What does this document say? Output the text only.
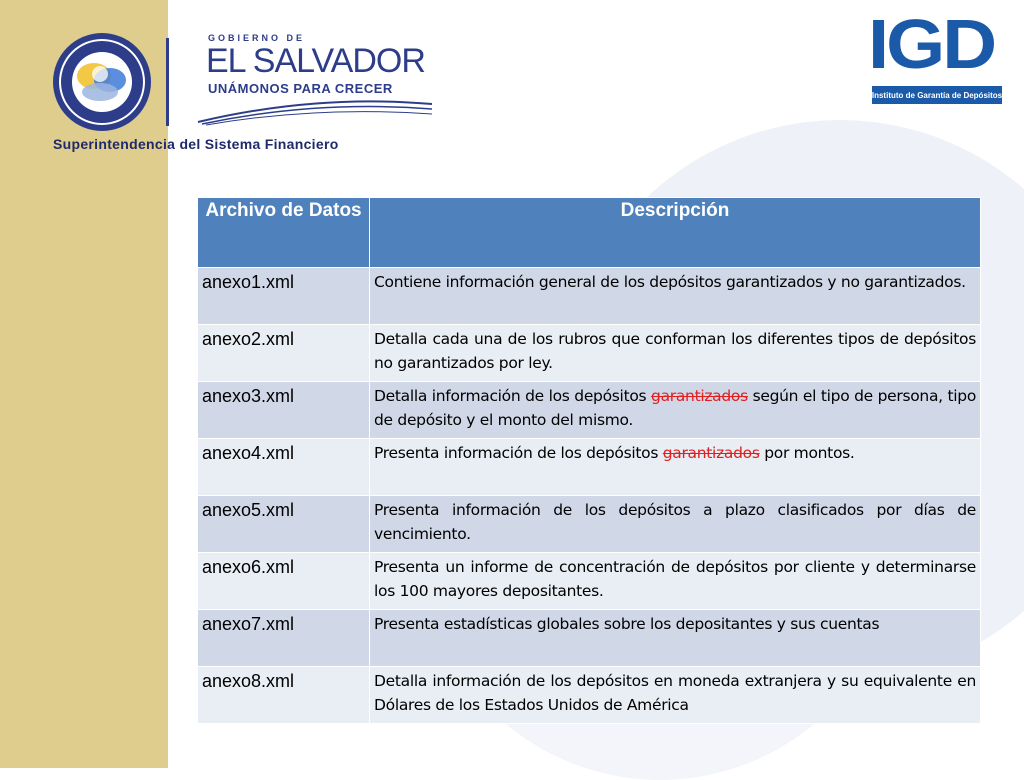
GOBIERNO DE
EL SALVADOR
UNÁMONOS PARA CRECER
Superintendencia del Sistema Financiero
IGD
Instituto de Garantía de Depósitos
Archivo de Datos	Descripción
anexo1.xml	Contiene información general de los depósitos garantizados y no garantizados.
anexo2.xml	Detalla cada una de los rubros que conforman los diferentes tipos de depósitos no garantizados por ley.
anexo3.xml	Detalla información de los depósitos garantizados según el tipo de persona, tipo de depósito y el monto del mismo.
anexo4.xml	Presenta información de los depósitos garantizados por montos.
anexo5.xml	Presenta información de los depósitos a plazo clasificados por días de vencimiento.
anexo6.xml	Presenta un informe de concentración de depósitos por cliente y determinarse los 100 mayores depositantes.
anexo7.xml	Presenta estadísticas globales sobre los depositantes y sus cuentas
anexo8.xml	Detalla información de los depósitos en moneda extranjera y su equivalente en Dólares de los Estados Unidos de América
